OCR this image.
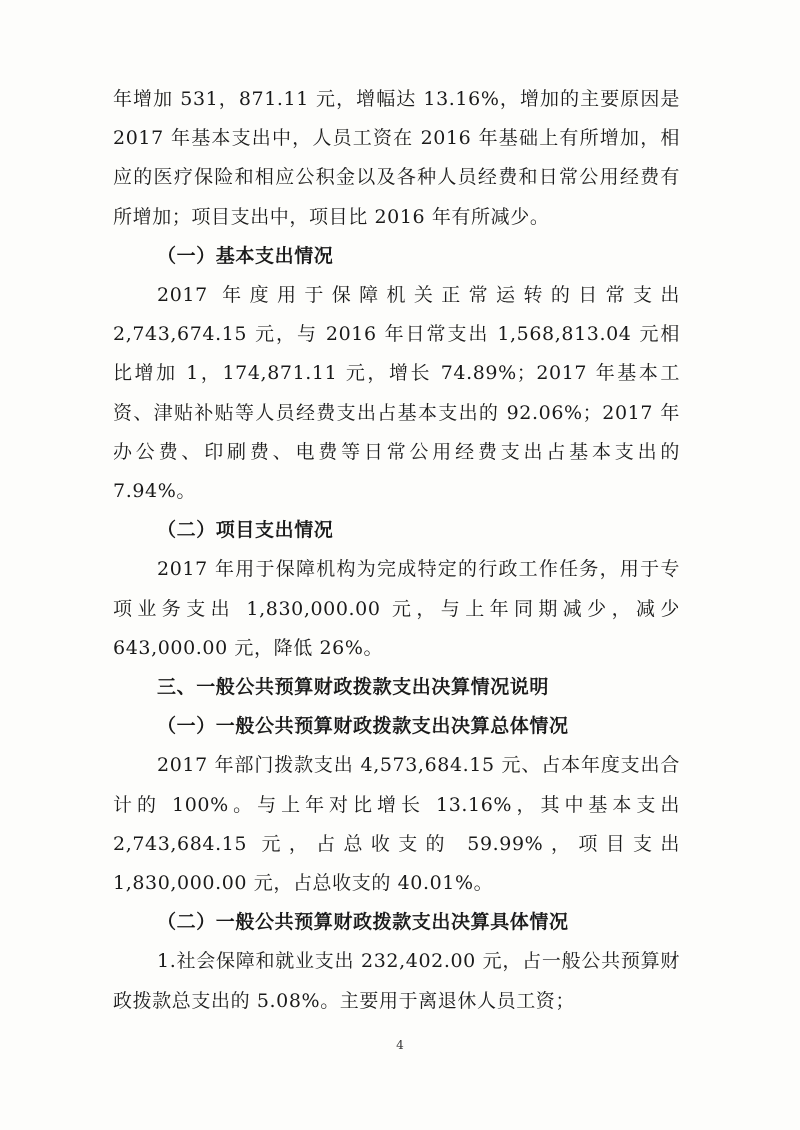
年增加 531，871.11 元，增幅达 13.16%，增加的主要原因是 2017 年基本支出中，人员工资在 2016 年基础上有所增加，相应的医疗保险和相应公积金以及各种人员经费和日常公用经费有所增加；项目支出中，项目比 2016 年有所减少。

（一）基本支出情况

2017 年度用于保障机关正常运转的日常支出 2,743,674.15 元，与 2016 年日常支出 1,568,813.04 元相比增加 1，174,871.11 元，增长 74.89%；2017 年基本工资、津贴补贴等人员经费支出占基本支出的 92.06%；2017 年办公费、印刷费、电费等日常公用经费支出占基本支出的 7.94%。

（二）项目支出情况

2017 年用于保障机构为完成特定的行政工作任务，用于专项业务支出 1,830,000.00 元，与上年同期减少，减少 643,000.00 元，降低 26%。

三、一般公共预算财政拨款支出决算情况说明

（一）一般公共预算财政拨款支出决算总体情况

2017 年部门拨款支出 4,573,684.15 元、占本年度支出合计的 100%。与上年对比增长 13.16%，其中基本支出 2,743,684.15 元，占总收支的 59.99%，项目支出 1,830,000.00 元，占总收支的 40.01%。

（二）一般公共预算财政拨款支出决算具体情况

1.社会保障和就业支出 232,402.00 元，占一般公共预算财政拨款总支出的 5.08%。主要用于离退休人员工资；

4
